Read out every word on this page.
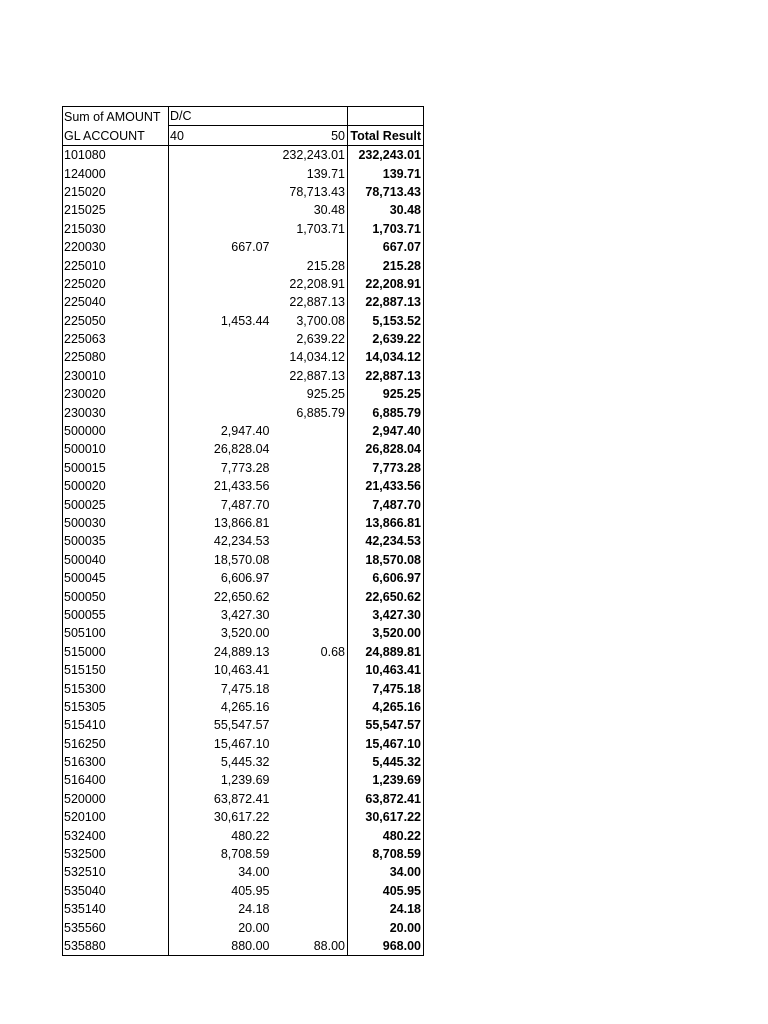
Sum of AMOUNT	D/C		
GL ACCOUNT	40	50	Total Result
101080		232,243.01	232,243.01
124000		139.71	139.71
215020		78,713.43	78,713.43
215025		30.48	30.48
215030		1,703.71	1,703.71
220030	667.07		667.07
225010		215.28	215.28
225020		22,208.91	22,208.91
225040		22,887.13	22,887.13
225050	1,453.44	3,700.08	5,153.52
225063		2,639.22	2,639.22
225080		14,034.12	14,034.12
230010		22,887.13	22,887.13
230020		925.25	925.25
230030		6,885.79	6,885.79
500000	2,947.40		2,947.40
500010	26,828.04		26,828.04
500015	7,773.28		7,773.28
500020	21,433.56		21,433.56
500025	7,487.70		7,487.70
500030	13,866.81		13,866.81
500035	42,234.53		42,234.53
500040	18,570.08		18,570.08
500045	6,606.97		6,606.97
500050	22,650.62		22,650.62
500055	3,427.30		3,427.30
505100	3,520.00		3,520.00
515000	24,889.13	0.68	24,889.81
515150	10,463.41		10,463.41
515300	7,475.18		7,475.18
515305	4,265.16		4,265.16
515410	55,547.57		55,547.57
516250	15,467.10		15,467.10
516300	5,445.32		5,445.32
516400	1,239.69		1,239.69
520000	63,872.41		63,872.41
520100	30,617.22		30,617.22
532400	480.22		480.22
532500	8,708.59		8,708.59
532510	34.00		34.00
535040	405.95		405.95
535140	24.18		24.18
535560	20.00		20.00
535880	880.00	88.00	968.00
